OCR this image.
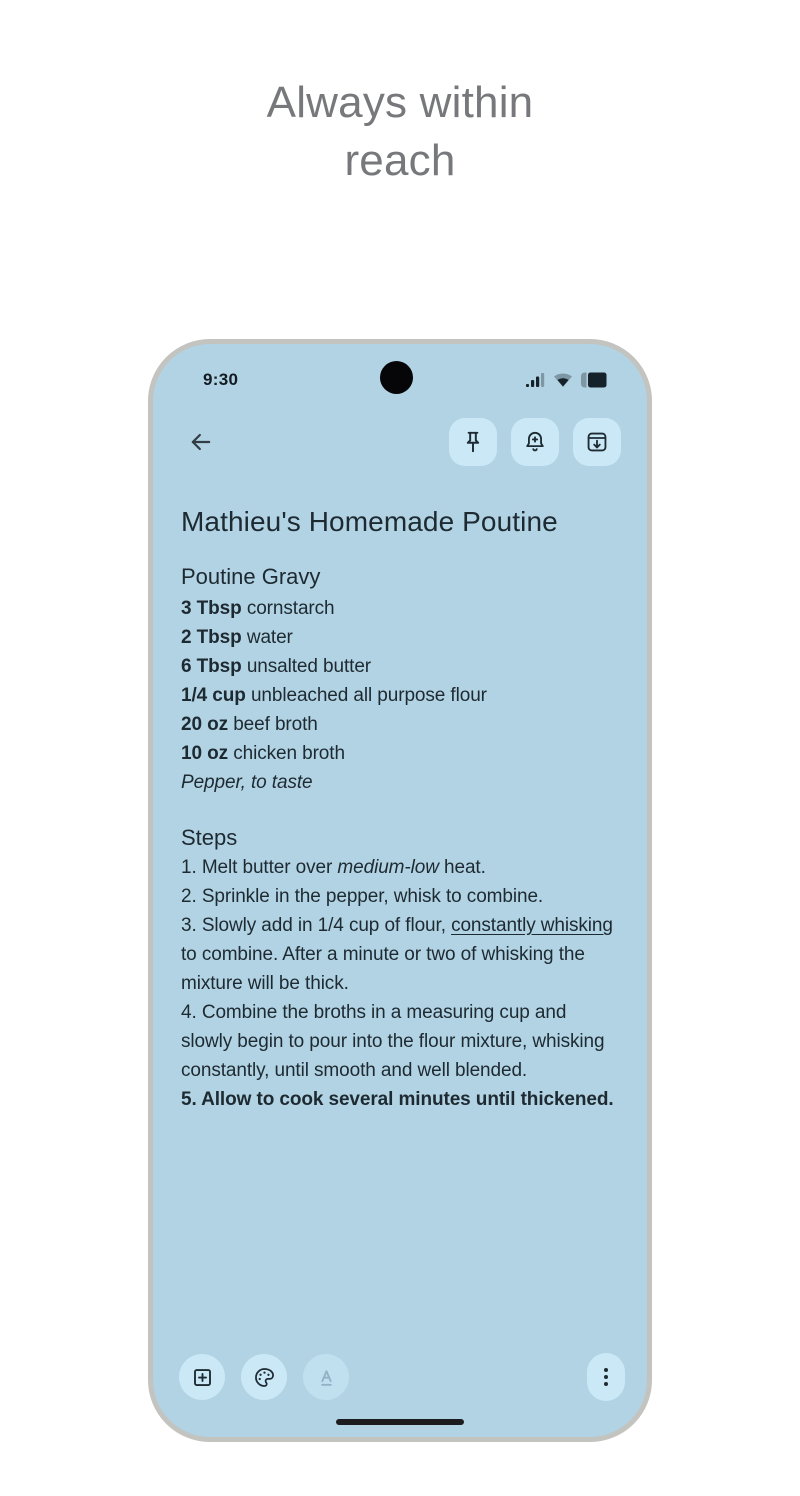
Always within reach
9:30
Mathieu's Homemade Poutine
Poutine Gravy

3 Tbsp cornstarch

2 Tbsp water

6 Tbsp unsalted butter

1/4 cup unbleached all purpose flour

20 oz beef broth

10 oz chicken broth

Pepper, to taste

Steps

1. Melt butter over medium-low heat.

2. Sprinkle in the pepper, whisk to combine.

3. Slowly add in 1/4 cup of flour, constantly whisking to combine. After a minute or two of whisking the mixture will be thick.

4. Combine the broths in a measuring cup and slowly begin to pour into the flour mixture, whisking constantly, until smooth and well blended.

5. Allow to cook several minutes until thickened.
